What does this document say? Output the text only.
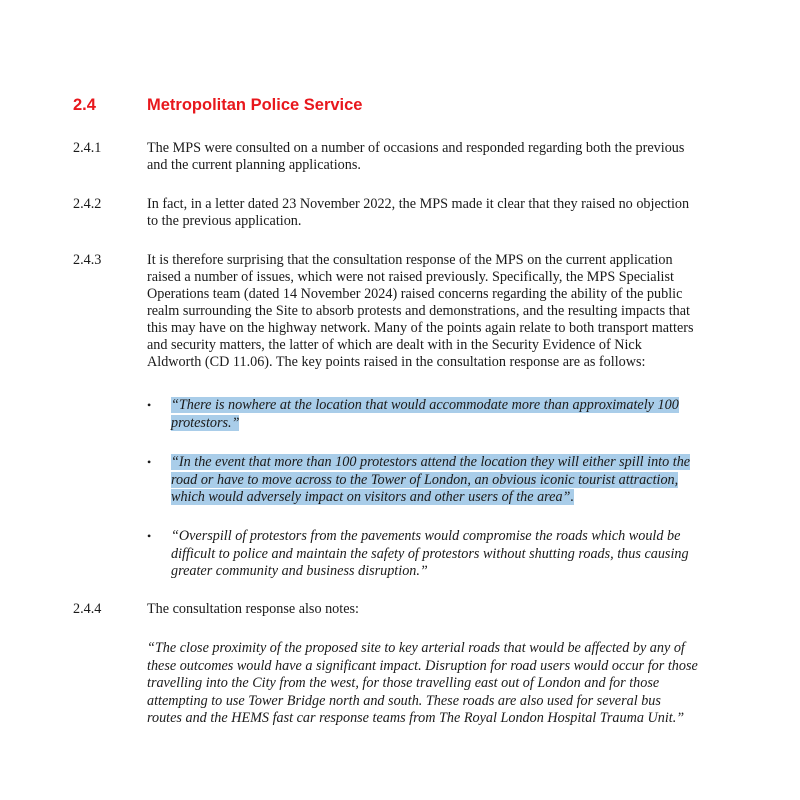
2.4	Metropolitan Police Service
2.4.1	The MPS were consulted on a number of occasions and responded regarding both the previous
and the current planning applications.
2.4.2	In fact, in a letter dated 23 November 2022, the MPS made it clear that they raised no objection
to the previous application.
2.4.3	It is therefore surprising that the consultation response of the MPS on the current application
raised a number of issues, which were not raised previously. Specifically, the MPS Specialist
Operations team (dated 14 November 2024) raised concerns regarding the ability of the public
realm surrounding the Site to absorb protests and demonstrations, and the resulting impacts that
this may have on the highway network. Many of the points again relate to both transport matters
and security matters, the latter of which are dealt with in the Security Evidence of Nick
Aldworth (CD 11.06). The key points raised in the consultation response are as follows:
• “There is nowhere at the location that would accommodate more than approximately 100
protestors.”
• “In the event that more than 100 protestors attend the location they will either spill into the
road or have to move across to the Tower of London, an obvious iconic tourist attraction,
which would adversely impact on visitors and other users of the area”.
• “Overspill of protestors from the pavements would compromise the roads which would be
difficult to police and maintain the safety of protestors without shutting roads, thus causing
greater community and business disruption.”
2.4.4	The consultation response also notes:
“The close proximity of the proposed site to key arterial roads that would be affected by any of
these outcomes would have a significant impact. Disruption for road users would occur for those
travelling into the City from the west, for those travelling east out of London and for those
attempting to use Tower Bridge north and south. These roads are also used for several bus
routes and the HEMS fast car response teams from The Royal London Hospital Trauma Unit.”
